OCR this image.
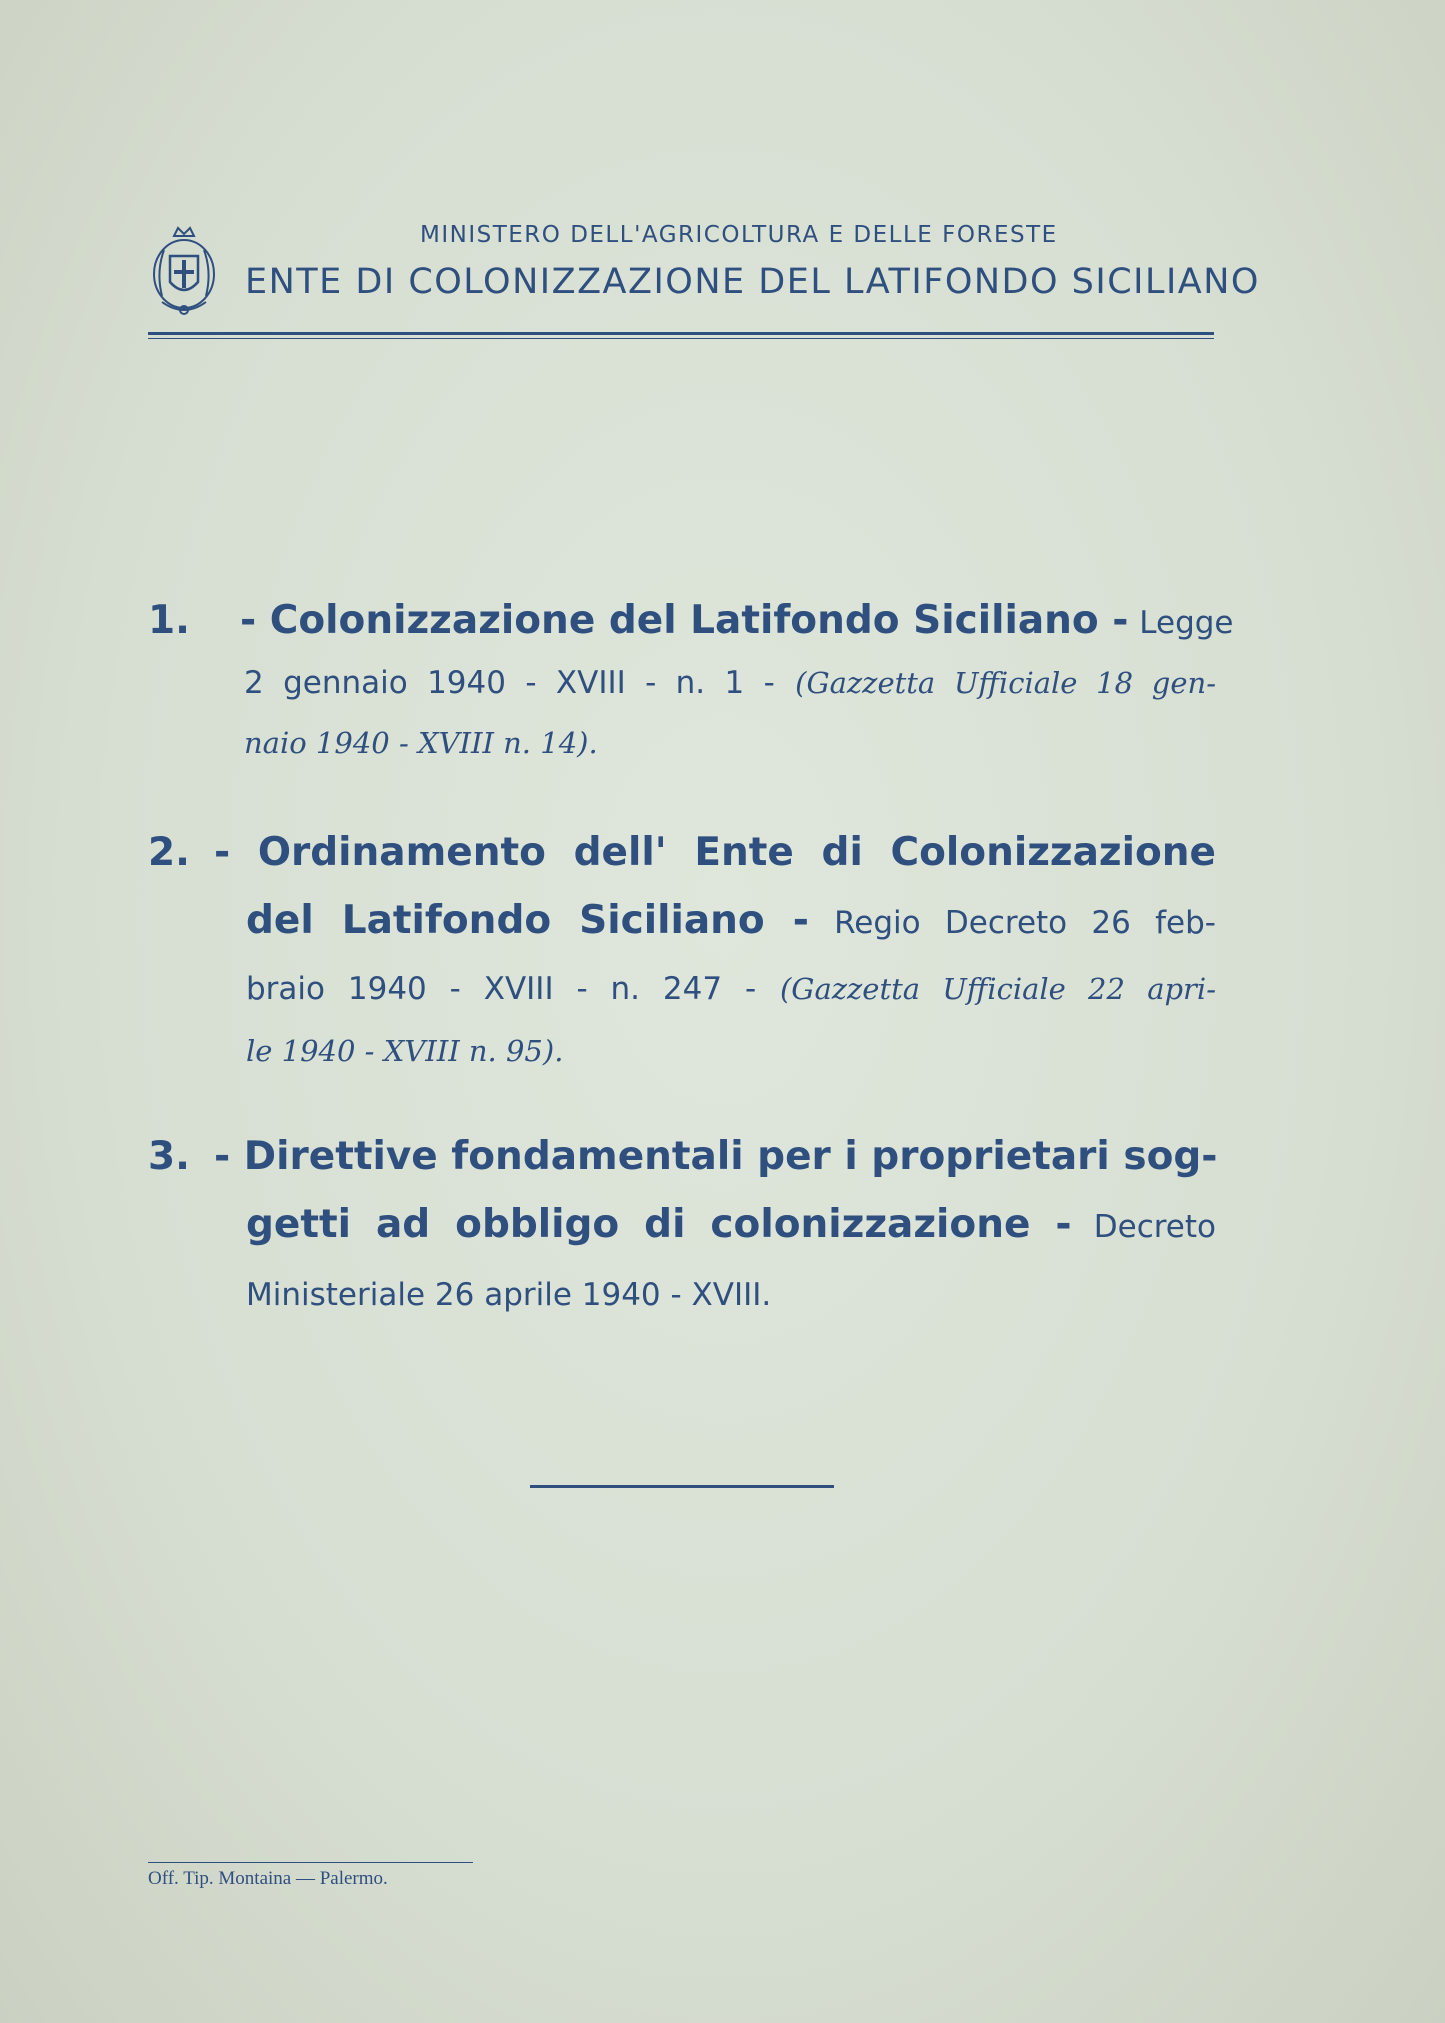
MINISTERO DELL'AGRICOLTURA E DELLE FORESTE
ENTE DI COLONIZZAZIONE DEL LATIFONDO SICILIANO
1. - Colonizzazione del Latifondo Siciliano - Legge
2 gennaio 1940 - XVIII - n. 1 - (Gazzetta Ufficiale 18 gen-
naio 1940 - XVIII n. 14).
2. - Ordinamento dell' Ente di Colonizzazione
del Latifondo Siciliano - Regio Decreto 26 feb-
braio 1940 - XVIII - n. 247 - (Gazzetta Ufficiale 22 apri-
le 1940 - XVIII n. 95).
3. - Direttive fondamentali per i proprietari sog-
getti ad obbligo di colonizzazione - Decreto
Ministeriale 26 aprile 1940 - XVIII.
Off. Tip. Montaina — Palermo.
